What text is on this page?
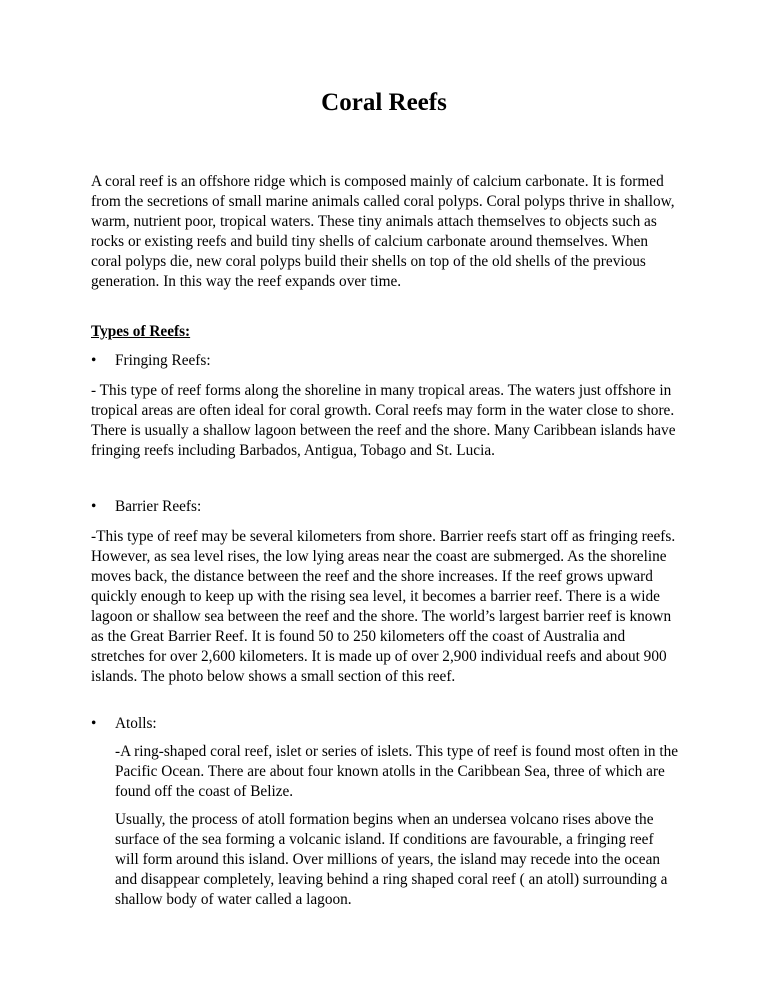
Coral Reefs

A coral reef is an offshore ridge which is composed mainly of calcium carbonate. It is formed from the secretions of small marine animals called coral polyps. Coral polyps thrive in shallow, warm, nutrient poor, tropical waters. These tiny animals attach themselves to objects such as rocks or existing reefs and build tiny shells of calcium carbonate around themselves. When coral polyps die, new coral polyps build their shells on top of the old shells of the previous generation. In this way the reef expands over time.

Types of Reefs:

• Fringing Reefs:

- This type of reef forms along the shoreline in many tropical areas. The waters just offshore in tropical areas are often ideal for coral growth. Coral reefs may form in the water close to shore. There is usually a shallow lagoon between the reef and the shore. Many Caribbean islands have fringing reefs including Barbados, Antigua, Tobago and St. Lucia.

• Barrier Reefs:

-This type of reef may be several kilometers from shore. Barrier reefs start off as fringing reefs. However, as sea level rises, the low lying areas near the coast are submerged. As the shoreline moves back, the distance between the reef and the shore increases. If the reef grows upward quickly enough to keep up with the rising sea level, it becomes a barrier reef. There is a wide lagoon or shallow sea between the reef and the shore. The world’s largest barrier reef is known as the Great Barrier Reef. It is found 50 to 250 kilometers off the coast of Australia and stretches for over 2,600 kilometers. It is made up of over 2,900 individual reefs and about 900 islands. The photo below shows a small section of this reef.

• Atolls:

-A ring-shaped coral reef, islet or series of islets. This type of reef is found most often in the Pacific Ocean. There are about four known atolls in the Caribbean Sea, three of which are found off the coast of Belize.

Usually, the process of atoll formation begins when an undersea volcano rises above the surface of the sea forming a volcanic island. If conditions are favourable, a fringing reef will form around this island. Over millions of years, the island may recede into the ocean and disappear completely, leaving behind a ring shaped coral reef ( an atoll) surrounding a shallow body of water called a lagoon.
